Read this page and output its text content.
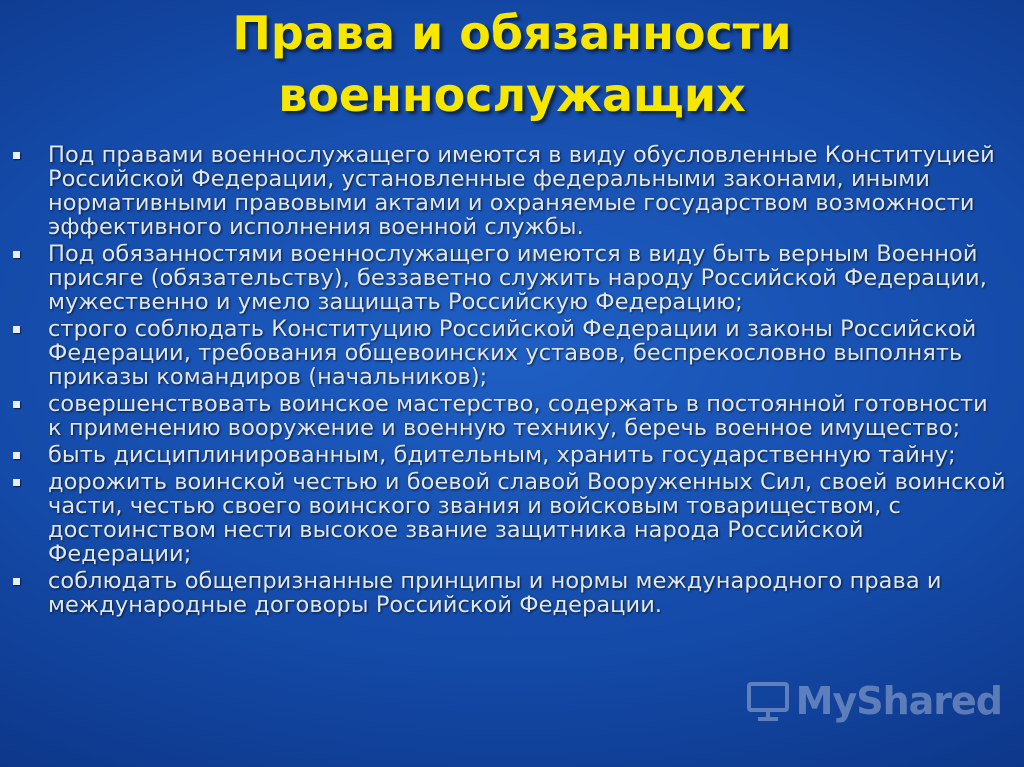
Права и обязанности
военнослужащих
Под правами военнослужащего имеются в виду обусловленные Конституцией Российской Федерации, установленные федеральными законами, иными нормативными правовыми актами и охраняемые государством возможности эффективного исполнения военной службы.
Под обязанностями военнослужащего имеются в виду быть верным Военной присяге (обязательству), беззаветно служить народу Российской Федерации, мужественно и умело защищать Российскую Федерацию;
строго соблюдать Конституцию Российской Федерации и законы Российской Федерации, требования общевоинских уставов, беспрекословно выполнять приказы командиров (начальников);
совершенствовать воинское мастерство, содержать в постоянной готовности к применению вооружение и военную технику, беречь военное имущество;
быть дисциплинированным, бдительным, хранить государственную тайну;
дорожить воинской честью и боевой славой Вооруженных Сил, своей воинской части, честью своего воинского звания и войсковым товариществом, с достоинством нести высокое звание защитника народа Российской Федерации;
соблюдать общепризнанные принципы и нормы международного права и международные договоры Российской Федерации.
MyShared
